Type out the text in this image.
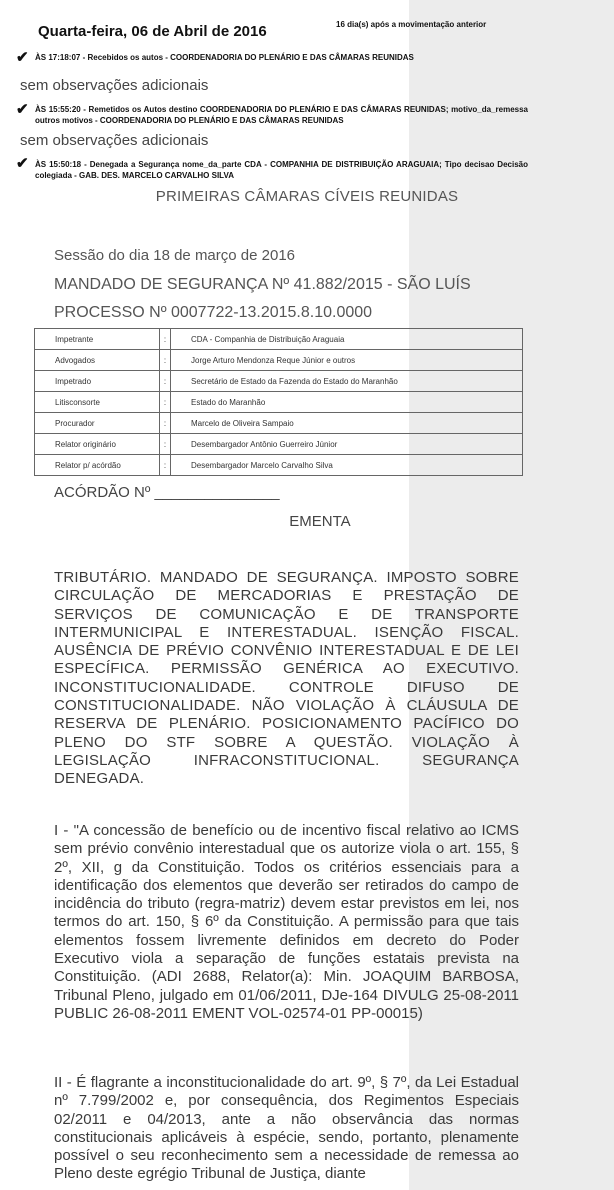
Quarta-feira, 06 de Abril de 2016	16 dia(s) após a movimentação anterior
✔ ÀS 17:18:07 - Recebidos os autos - COORDENADORIA DO PLENÁRIO E DAS CÂMARAS REUNIDAS
sem observações adicionais
✔ ÀS 15:55:20 - Remetidos os Autos destino COORDENADORIA DO PLENÁRIO E DAS CÂMARAS REUNIDAS; motivo_da_remessa outros motivos - COORDENADORIA DO PLENÁRIO E DAS CÂMARAS REUNIDAS
sem observações adicionais
✔ ÀS 15:50:18 - Denegada a Segurança nome_da_parte CDA - COMPANHIA DE DISTRIBUIÇÃO ARAGUAIA; Tipo decisao Decisão colegiada - GAB. DES. MARCELO CARVALHO SILVA
PRIMEIRAS CÂMARAS CÍVEIS REUNIDAS
Sessão do dia 18 de março de 2016
MANDADO DE SEGURANÇA Nº 41.882/2015 - SÃO LUÍS
PROCESSO Nº 0007722-13.2015.8.10.0000
Impetrante	:	CDA - Companhia de Distribuição Araguaia
Advogados	:	Jorge Arturo Mendonza Reque Júnior e outros
Impetrado	:	Secretário de Estado da Fazenda do Estado do Maranhão
Litisconsorte	:	Estado do Maranhão
Procurador	:	Marcelo de Oliveira Sampaio
Relator originário	:	Desembargador Antônio Guerreiro Júnior
Relator p/ acórdão	:	Desembargador Marcelo Carvalho Silva
ACÓRDÃO Nº _______________
EMENTA
TRIBUTÁRIO. MANDADO DE SEGURANÇA. IMPOSTO SOBRE CIRCULAÇÃO DE MERCADORIAS E PRESTAÇÃO DE SERVIÇOS DE COMUNICAÇÃO E DE TRANSPORTE INTERMUNICIPAL E INTERESTADUAL. ISENÇÃO FISCAL. AUSÊNCIA DE PRÉVIO CONVÊNIO INTERESTADUAL E DE LEI ESPECÍFICA. PERMISSÃO GENÉRICA AO EXECUTIVO. INCONSTITUCIONALIDADE. CONTROLE DIFUSO DE CONSTITUCIONALIDADE. NÃO VIOLAÇÃO À CLÁUSULA DE RESERVA DE PLENÁRIO. POSICIONAMENTO PACÍFICO DO PLENO DO STF SOBRE A QUESTÃO. VIOLAÇÃO À LEGISLAÇÃO INFRACONSTITUCIONAL. SEGURANÇA DENEGADA.
I - "A concessão de benefício ou de incentivo fiscal relativo ao ICMS sem prévio convênio interestadual que os autorize viola o art. 155, § 2º, XII, g da Constituição. Todos os critérios essenciais para a identificação dos elementos que deverão ser retirados do campo de incidência do tributo (regra-matriz) devem estar previstos em lei, nos termos do art. 150, § 6º da Constituição. A permissão para que tais elementos fossem livremente definidos em decreto do Poder Executivo viola a separação de funções estatais prevista na Constituição. (ADI 2688, Relator(a): Min. JOAQUIM BARBOSA, Tribunal Pleno, julgado em 01/06/2011, DJe-164 DIVULG 25-08-2011 PUBLIC 26-08-2011 EMENT VOL-02574-01 PP-00015)
II - É flagrante a inconstitucionalidade do art. 9º, § 7º, da Lei Estadual nº 7.799/2002 e, por consequência, dos Regimentos Especiais 02/2011 e 04/2013, ante a não observância das normas constitucionais aplicáveis à espécie, sendo, portanto, plenamente possível o seu reconhecimento sem a necessidade de remessa ao Pleno deste egrégio Tribunal de Justiça, diante
